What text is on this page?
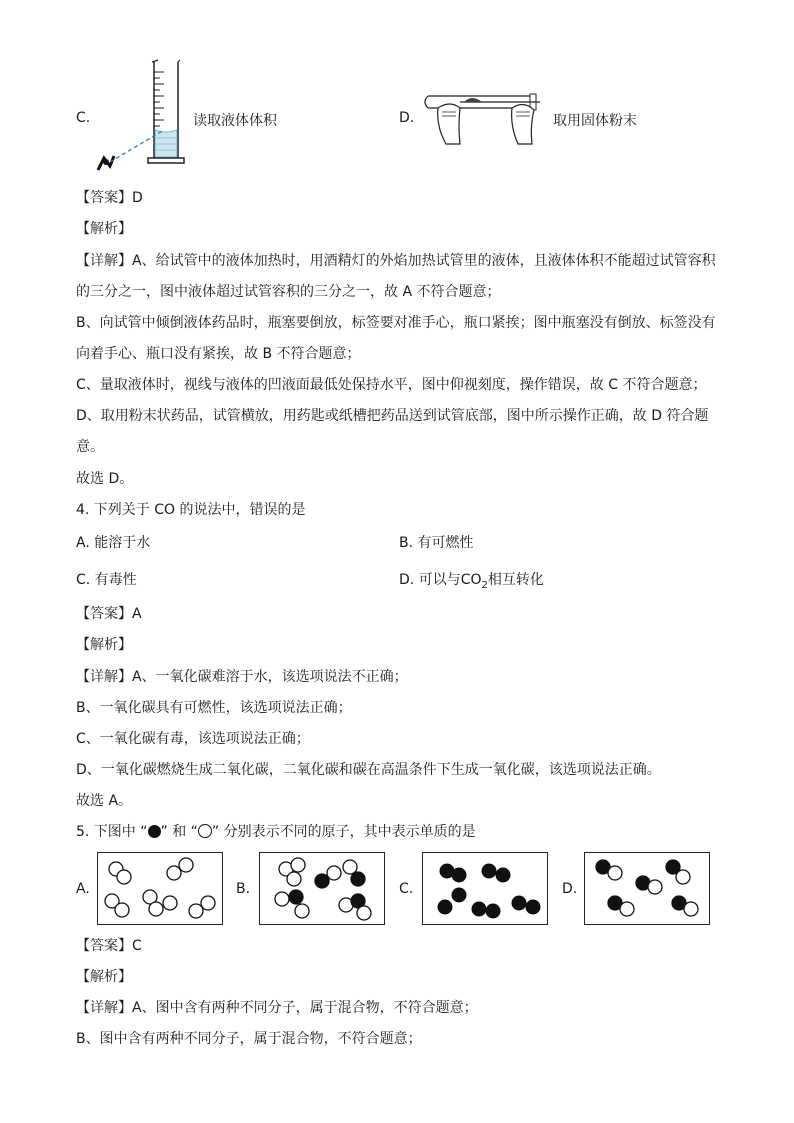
C.	读取液体体积	D.	取用固体粉末
【答案】D
【解析】
【详解】A、给试管中的液体加热时，用酒精灯的外焰加热试管里的液体，且液体体积不能超过试管容积
的三分之一，图中液体超过试管容积的三分之一，故 A 不符合题意；
B、向试管中倾倒液体药品时，瓶塞要倒放，标签要对准手心，瓶口紧挨；图中瓶塞没有倒放、标签没有
向着手心、瓶口没有紧挨，故 B 不符合题意；
C、量取液体时，视线与液体的凹液面最低处保持水平，图中仰视刻度，操作错误，故 C 不符合题意；
D、取用粉末状药品，试管横放，用药匙或纸槽把药品送到试管底部，图中所示操作正确，故 D 符合题
意。
故选 D。
4. 下列关于 CO 的说法中，错误的是
A. 能溶于水	B. 有可燃性
C. 有毒性	D. 可以与$CO_2$相互转化
【答案】A
【解析】
【详解】A、一氧化碳难溶于水，该选项说法不正确；
B、一氧化碳具有可燃性，该选项说法正确；
C、一氧化碳有毒，该选项说法正确；
D、一氧化碳燃烧生成二氧化碳，二氧化碳和碳在高温条件下生成一氧化碳，该选项说法正确。
故选 A。
5. 下图中 “ ” 和 “ ” 分别表示不同的原子，其中表示单质的是
A.	B.	C.	D.
【答案】C
【解析】
【详解】A、图中含有两种不同分子，属于混合物，不符合题意；
B、图中含有两种不同分子，属于混合物，不符合题意；
